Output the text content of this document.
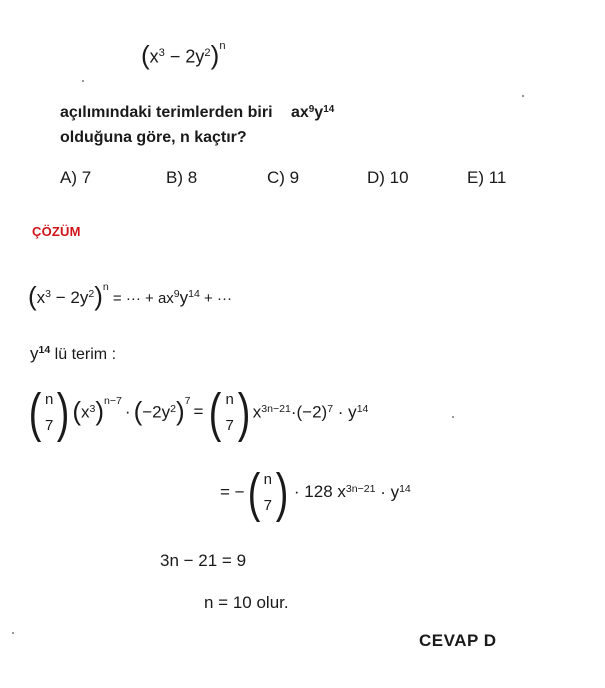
$(x^3 - 2y^2)^n$
açılımındaki terimlerden biri $ax^9y^{14}$
olduğuna göre, n kaçtır?
A) 7	B) 8	C) 9	D) 10	E) 11
ÇÖZÜM
$(x^3 - 2y^2)^n$ = ··· + $ax^9y^{14}$ + ···
$y^{14}$ lü terim :
( n
7 ) $(x^3)^{n-7}\cdot (-2y^2)^7=$ ( n
7 ) $x^{3n-21}\cdot(-2)^7 \cdot y^{14}$
= − ( n
7 ) · 128 $x^{3n-21} \cdot y^{14}$
3n − 21 = 9
n = 10 olur.
CEVAP D
